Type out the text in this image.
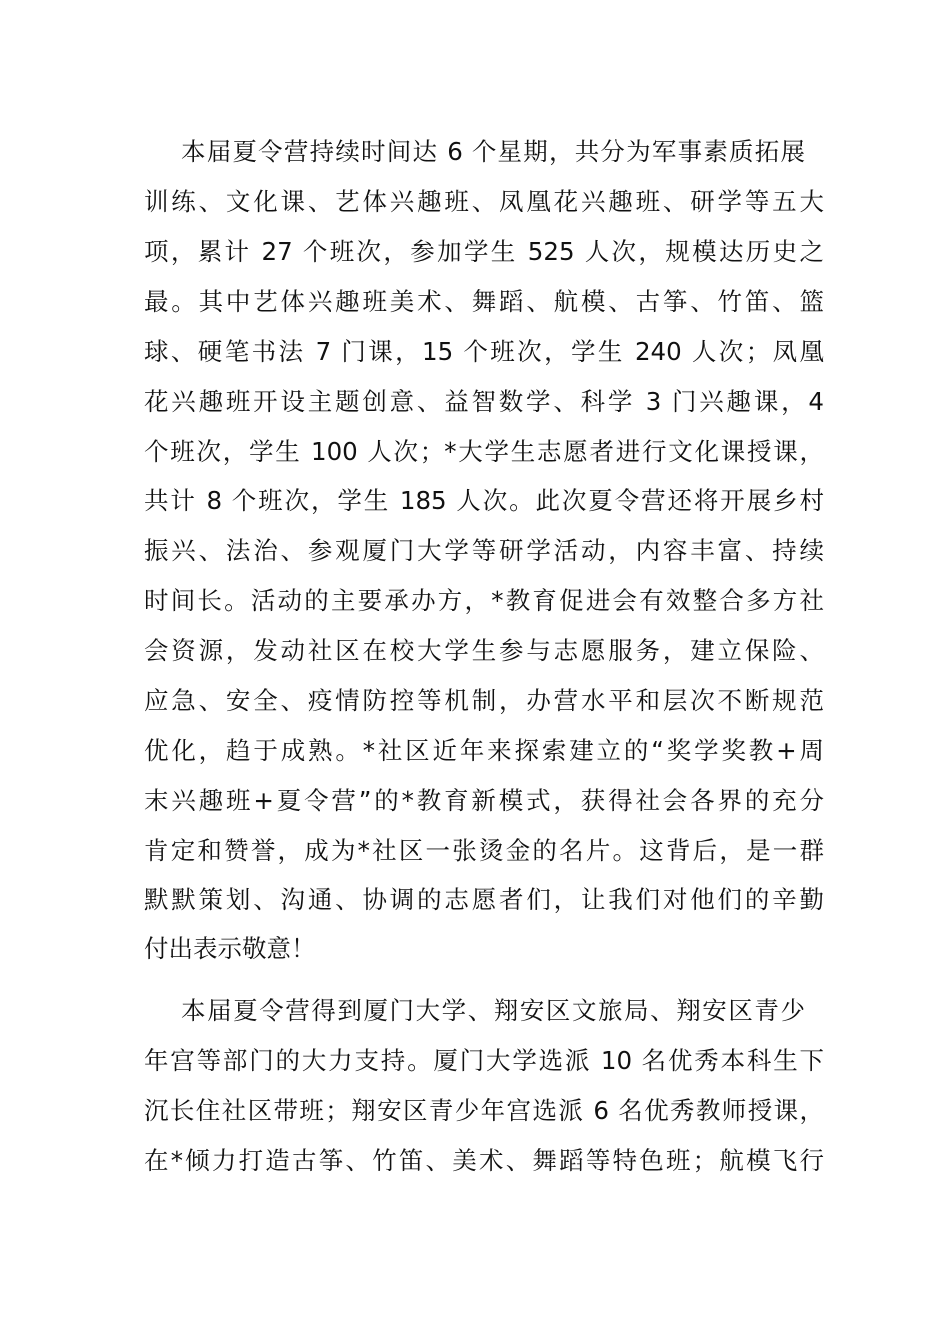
本届夏令营持续时间达 6 个星期，共分为军事素质拓展
训练、文化课、艺体兴趣班、凤凰花兴趣班、研学等五大
项，累计 27 个班次，参加学生 525 人次，规模达历史之
最。其中艺体兴趣班美术、舞蹈、航模、古筝、竹笛、篮
球、硬笔书法 7 门课，15 个班次，学生 240 人次；凤凰
花兴趣班开设主题创意、益智数学、科学 3 门兴趣课，4
个班次，学生 100 人次；*大学生志愿者进行文化课授课，
共计 8 个班次，学生 185 人次。此次夏令营还将开展乡村
振兴、法治、参观厦门大学等研学活动，内容丰富、持续
时间长。活动的主要承办方，*教育促进会有效整合多方社
会资源，发动社区在校大学生参与志愿服务，建立保险、
应急、安全、疫情防控等机制，办营水平和层次不断规范
优化，趋于成熟。*社区近年来探索建立的“奖学奖教+周
末兴趣班+夏令营”的*教育新模式，获得社会各界的充分
肯定和赞誉，成为*社区一张烫金的名片。这背后，是一群
默默策划、沟通、协调的志愿者们，让我们对他们的辛勤
付出表示敬意！
本届夏令营得到厦门大学、翔安区文旅局、翔安区青少
年宫等部门的大力支持。厦门大学选派 10 名优秀本科生下
沉长住社区带班；翔安区青少年宫选派 6 名优秀教师授课，
在*倾力打造古筝、竹笛、美术、舞蹈等特色班；航模飞行
